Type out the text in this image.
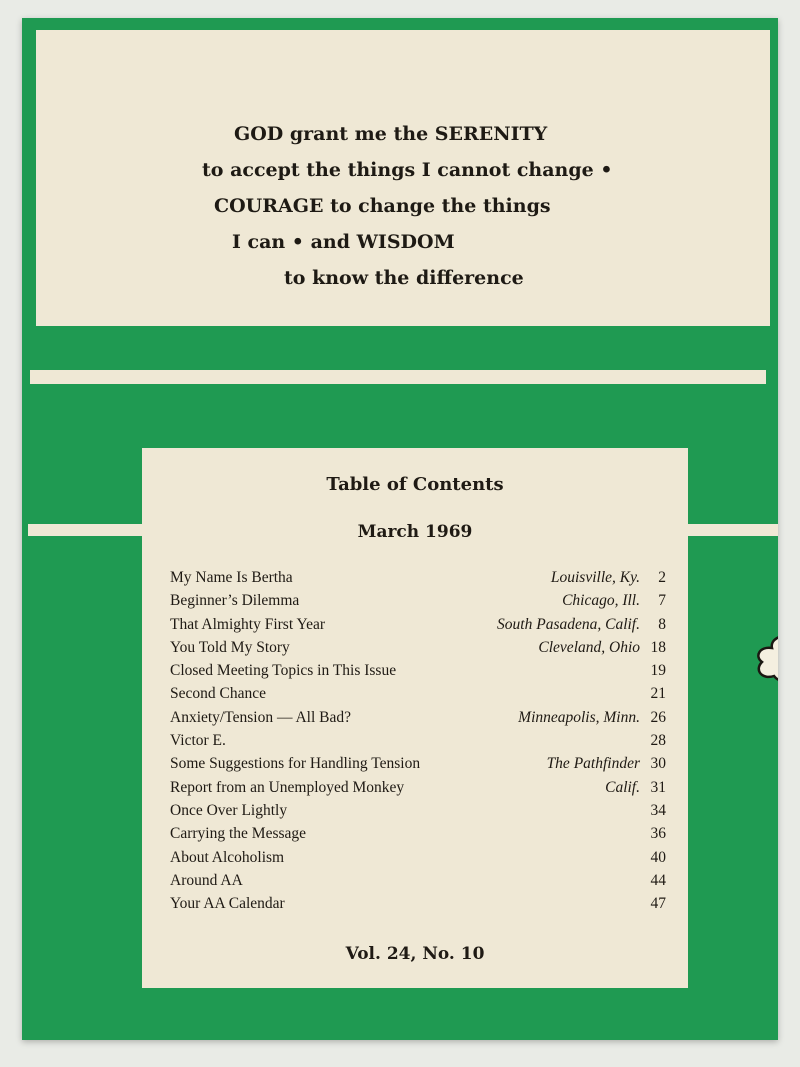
GOD grant me the SERENITY
to accept the things I cannot change •
COURAGE to change the things
I can • and WISDOM
to know the difference
Table of Contents
March 1969
My Name Is Bertha	Louisville, Ky.	2
Beginner’s Dilemma	Chicago, Ill.	7
That Almighty First Year	South Pasadena, Calif.	8
You Told My Story	Cleveland, Ohio 18
Closed Meeting Topics in This Issue	19
Second Chance	21
Anxiety/Tension — All Bad?	Minneapolis, Minn. 26
Victor E.	28
Some Suggestions for Handling Tension	The Pathfinder 30
Report from an Unemployed Monkey	Calif. 31
Once Over Lightly	34
Carrying the Message	36
About Alcoholism	40
Around AA	44
Your AA Calendar	47
Vol. 24, No. 10
